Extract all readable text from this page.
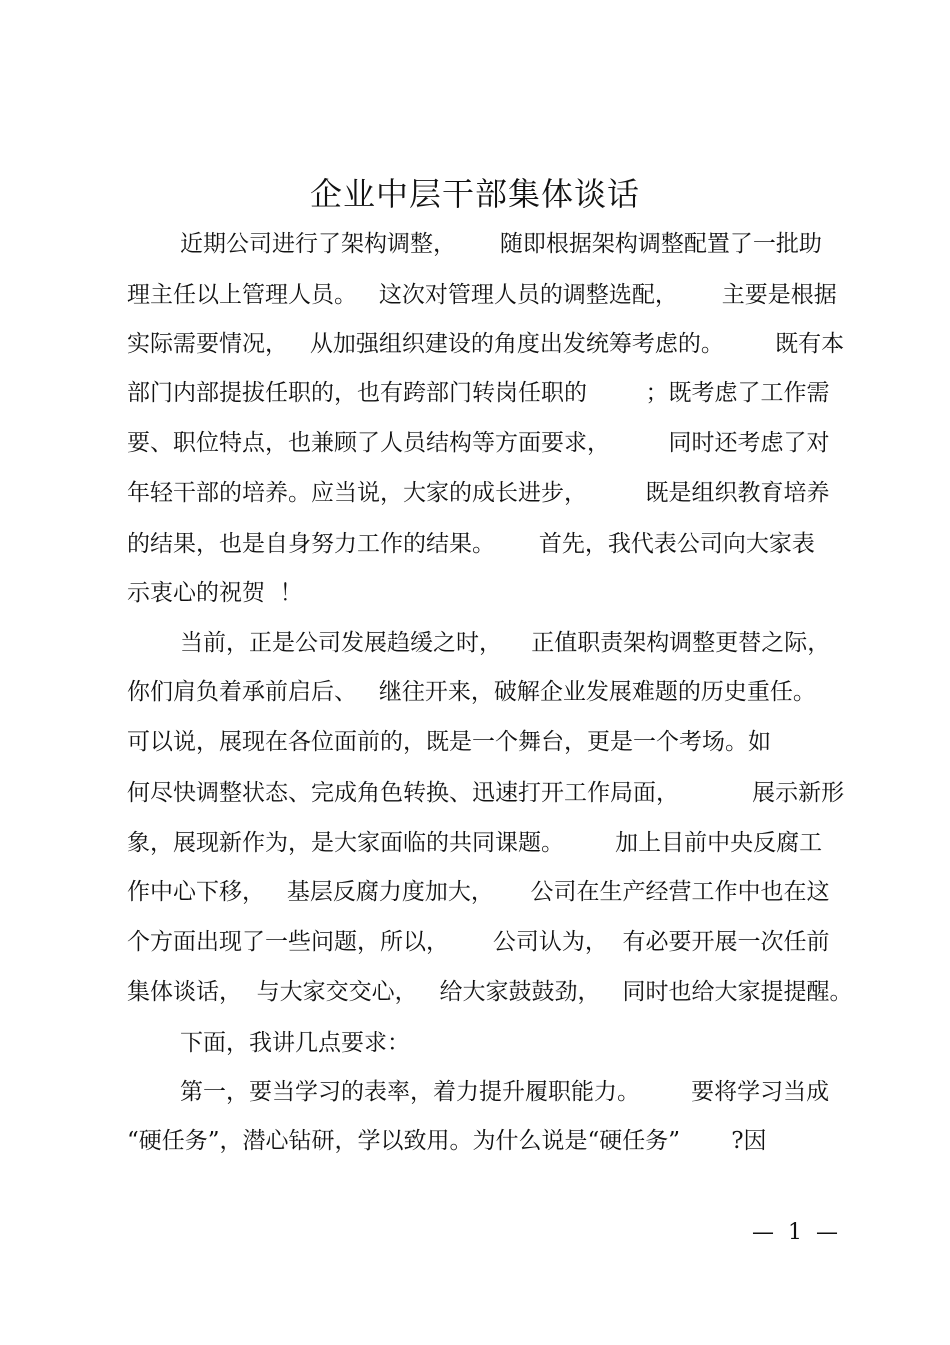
企业中层干部集体谈话
近期公司进行了架构调整，      随即根据架构调整配置了一批助
理主任以上管理人员。   这次对管理人员的调整选配，      主要是根据
实际需要情况，   从加强组织建设的角度出发统筹考虑的。       既有本
部门内部提拔任职的，也有跨部门转岗任职的        ；既考虑了工作需
要、职位特点，也兼顾了人员结构等方面要求，        同时还考虑了对
年轻干部的培养。应当说，大家的成长进步，        既是组织教育培养
的结果，也是自身努力工作的结果。      首先，我代表公司向大家表
示衷心的祝贺  ！
当前，正是公司发展趋缓之时，    正值职责架构调整更替之际，
你们肩负着承前启后、   继往开来，破解企业发展难题的历史重任。
可以说，展现在各位面前的，既是一个舞台，更是一个考场。如
何尽快调整状态、完成角色转换、迅速打开工作局面，          展示新形
象，展现新作为，是大家面临的共同课题。       加上目前中央反腐工
作中心下移，   基层反腐力度加大，     公司在生产经营工作中也在这
个方面出现了一些问题，所以，      公司认为，  有必要开展一次任前
集体谈话，  与大家交交心，   给大家鼓鼓劲，   同时也给大家提提醒。
下面，我讲几点要求：
第一，要当学习的表率，着力提升履职能力。       要将学习当成
“硬任务”，潜心钻研，学以致用。为什么说是“硬任务”       ?因
—  1  —
